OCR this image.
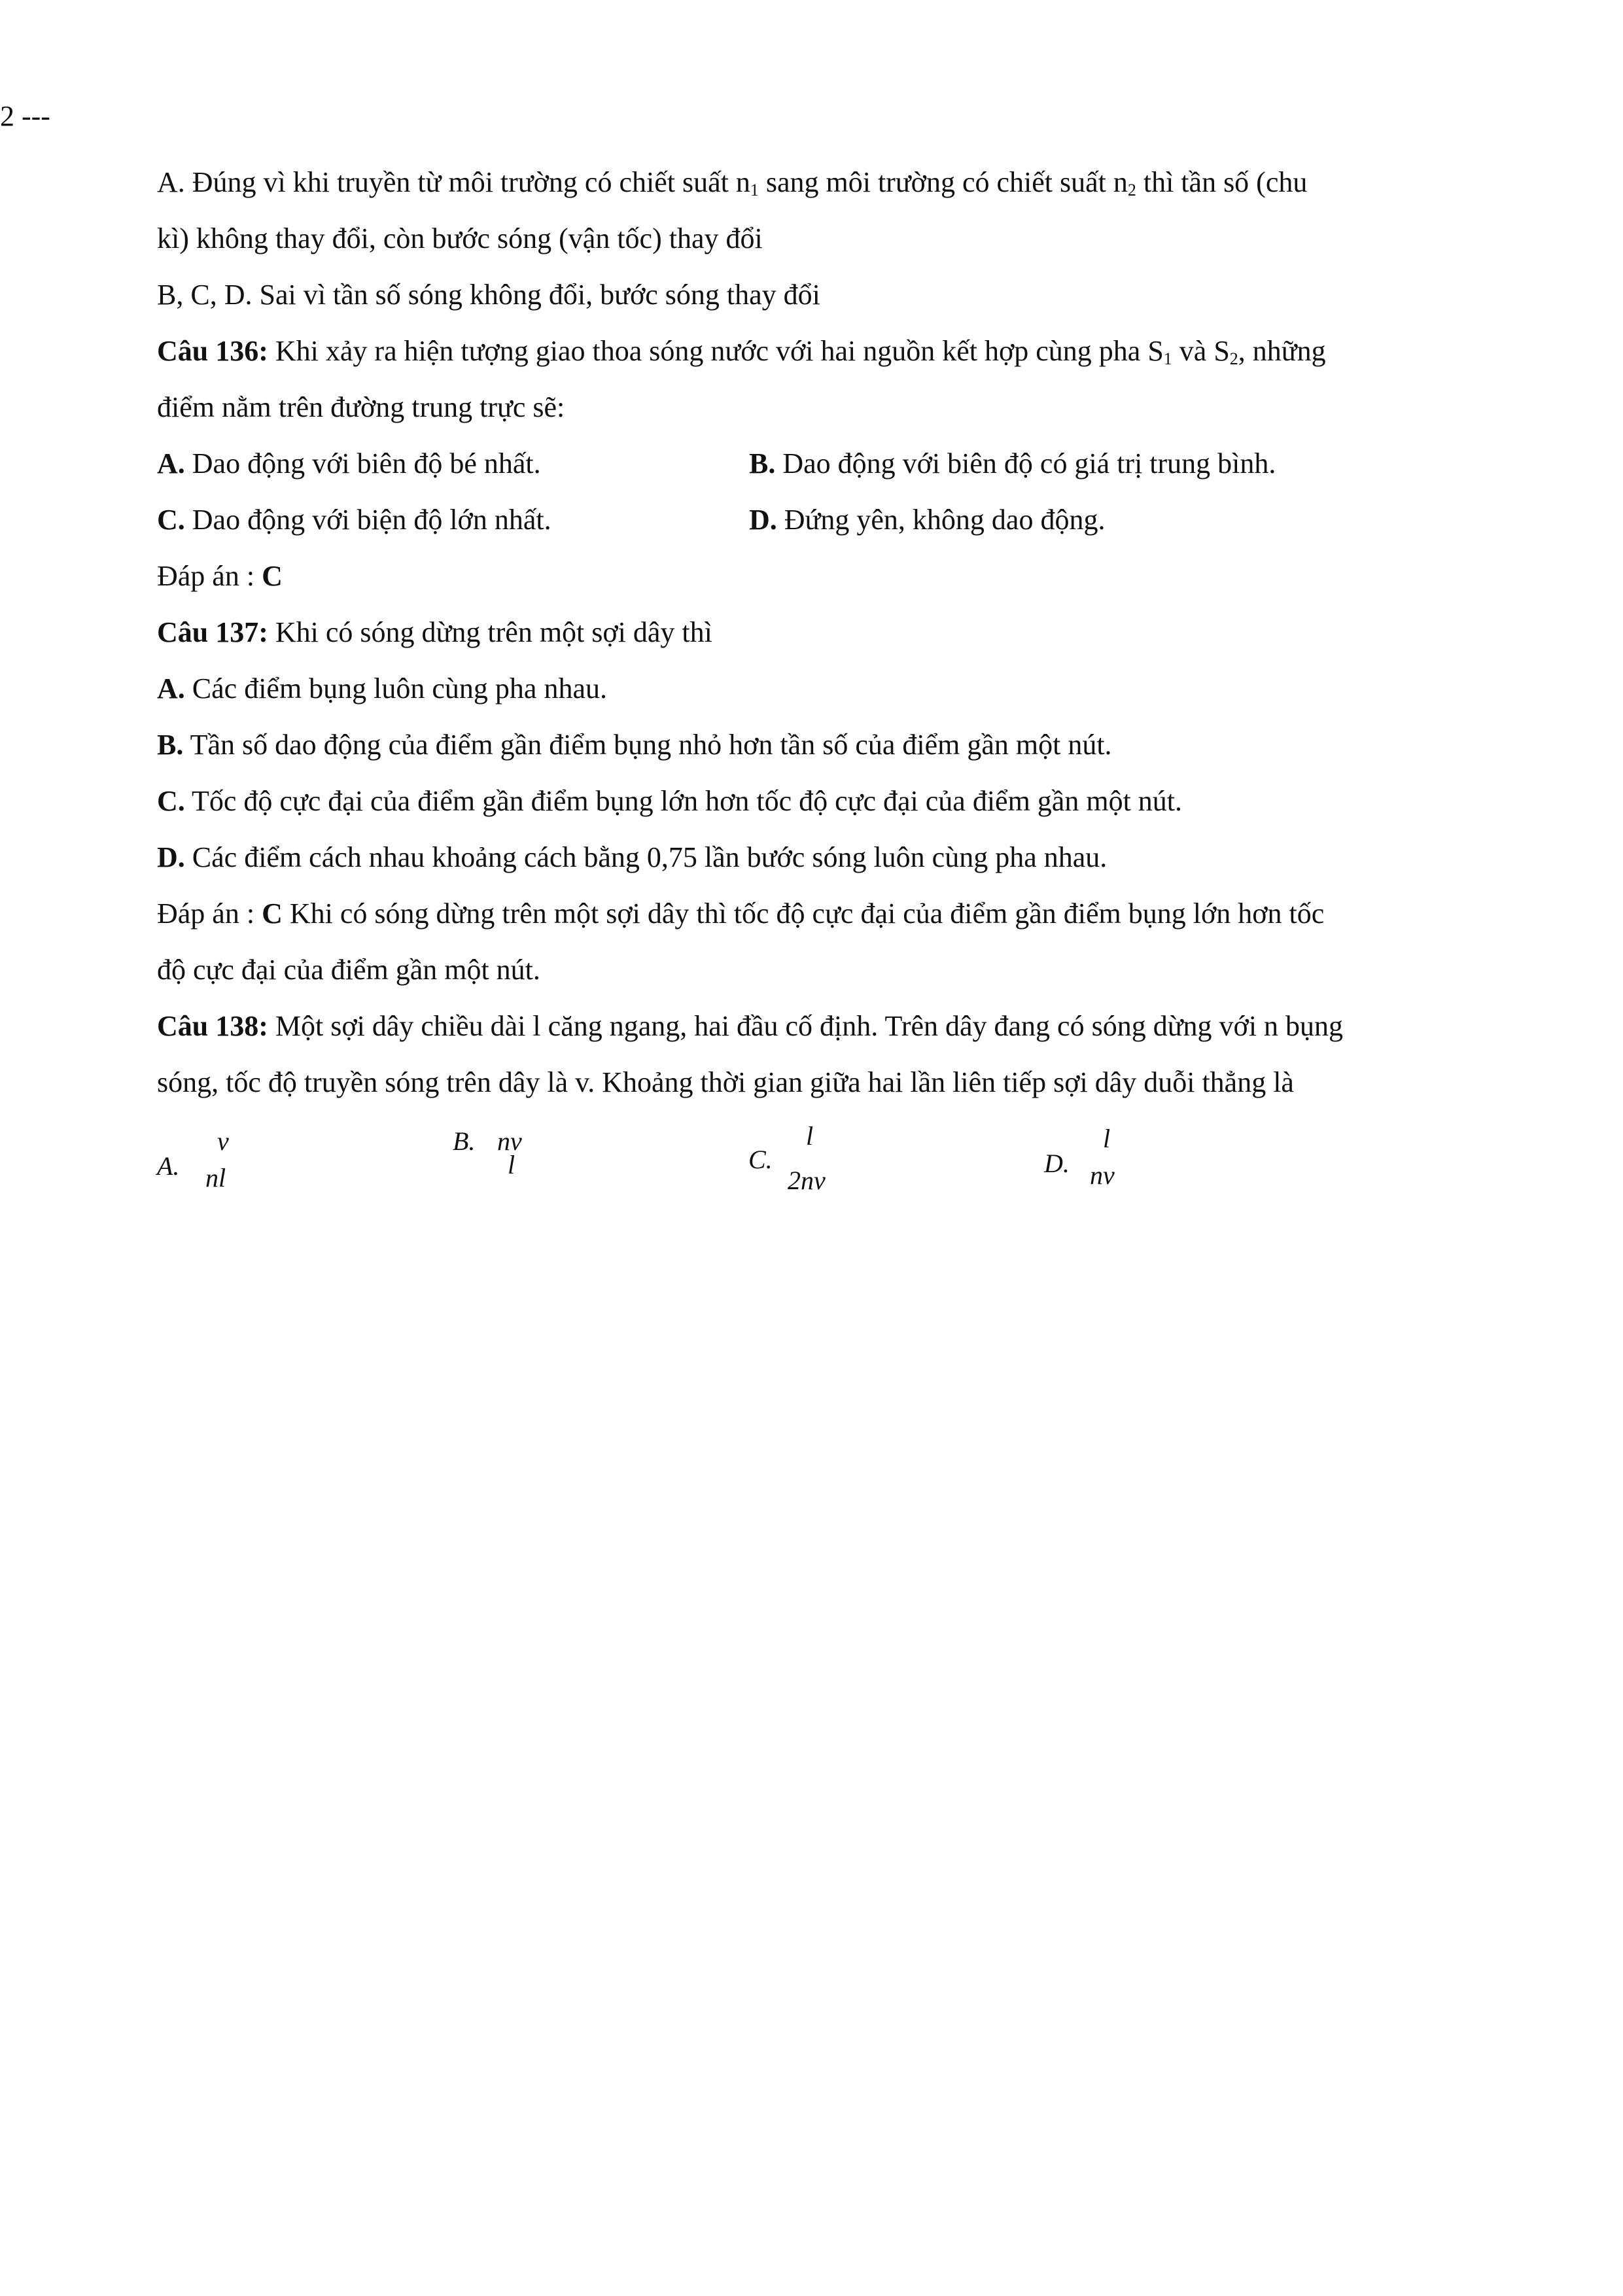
2 ---
A. Đúng vì khi truyền từ môi trường có chiết suất $n_1$ sang môi trường có chiết suất $n_2$ thì tần số (chu
kì) không thay đổi, còn bước sóng (vận tốc) thay đổi
B, C, D. Sai vì tần số sóng không đổi, bước sóng thay đổi
Câu 136: Khi xảy ra hiện tượng giao thoa sóng nước với hai nguồn kết hợp cùng pha $S_1$ và $S_2$, những
điểm nằm trên đường trung trực sẽ:
A. Dao động với biên độ bé nhất.	B. Dao động với biên độ có giá trị trung bình.
C. Dao động với biện độ lớn nhất.	D. Đứng yên, không dao động.
Đáp án : C
Câu 137: Khi có sóng dừng trên một sợi dây thì
A. Các điểm bụng luôn cùng pha nhau.
B. Tần số dao động của điểm gần điểm bụng nhỏ hơn tần số của điểm gần một nút.
C. Tốc độ cực đại của điểm gần điểm bụng lớn hơn tốc độ cực đại của điểm gần một nút.
D. Các điểm cách nhau khoảng cách bằng 0,75 lần bước sóng luôn cùng pha nhau.
Đáp án : C Khi có sóng dừng trên một sợi dây thì tốc độ cực đại của điểm gần điểm bụng lớn hơn tốc
độ cực đại của điểm gần một nút.
Câu 138: Một sợi dây chiều dài l căng ngang, hai đầu cố định. Trên dây đang có sóng dừng với n bụng
sóng, tốc độ truyền sóng trên dây là v. Khoảng thời gian giữa hai lần liên tiếp sợi dây duỗi thẳng là
A.
v
nl
B. nv
l	C.
l
2nv
D.
l
nv
